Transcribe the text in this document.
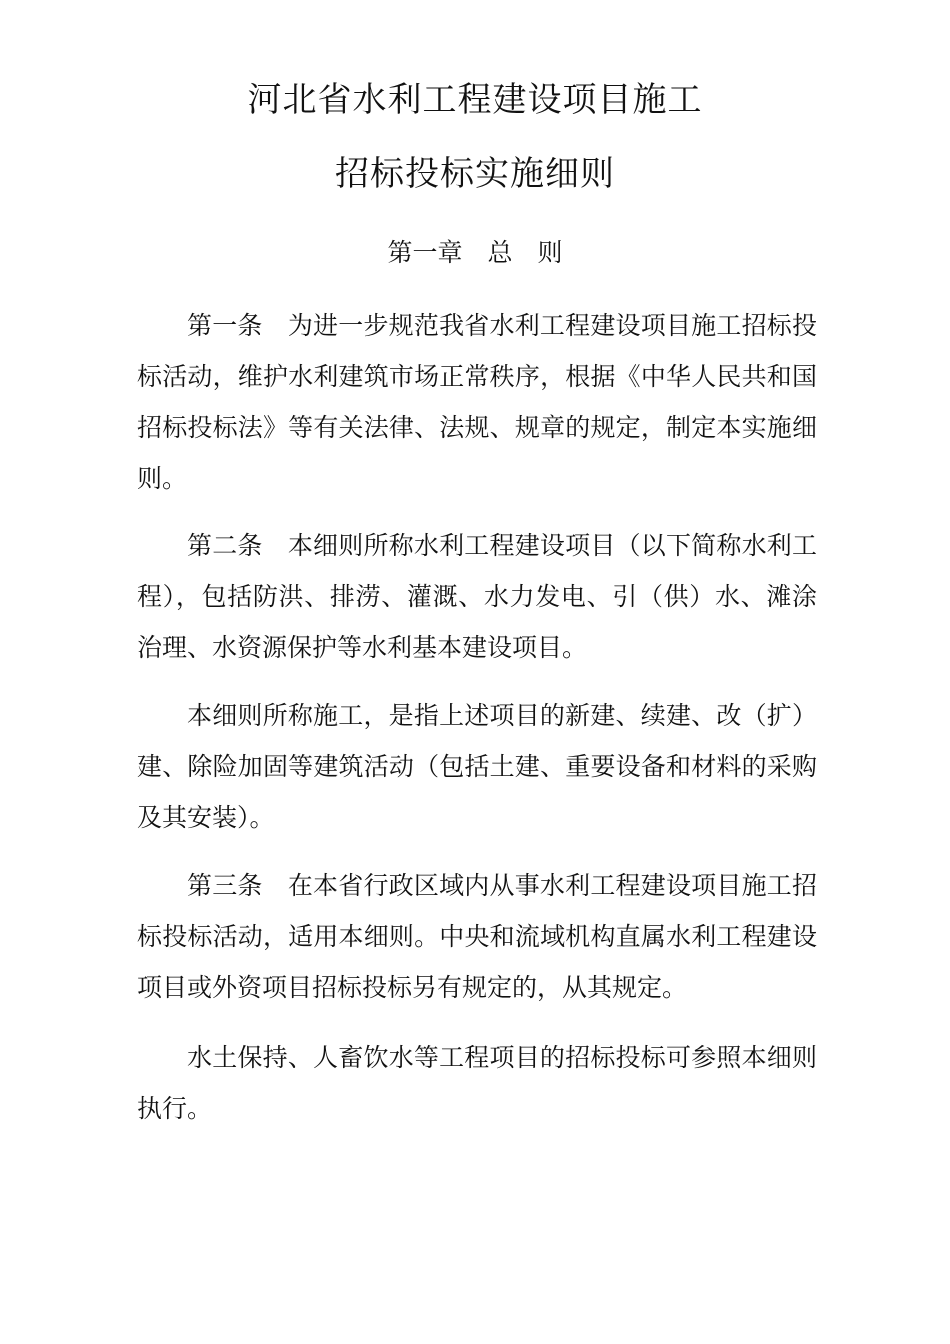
河北省水利工程建设项目施工
招标投标实施细则
第一章　总　则

第一条　为进一步规范我省水利工程建设项目施工招标投标活动，维护水利建筑市场正常秩序，根据《中华人民共和国招标投标法》等有关法律、法规、规章的规定，制定本实施细则。

第二条　本细则所称水利工程建设项目（以下简称水利工程），包括防洪、排涝、灌溉、水力发电、引（供）水、滩涂治理、水资源保护等水利基本建设项目。

本细则所称施工，是指上述项目的新建、续建、改（扩）建、除险加固等建筑活动（包括土建、重要设备和材料的采购及其安装）。

第三条　在本省行政区域内从事水利工程建设项目施工招标投标活动，适用本细则。中央和流域机构直属水利工程建设项目或外资项目招标投标另有规定的，从其规定。

水土保持、人畜饮水等工程项目的招标投标可参照本细则执行。
